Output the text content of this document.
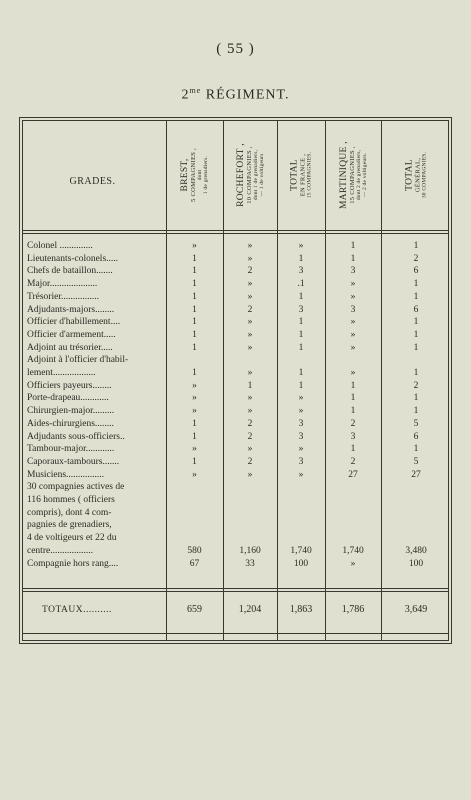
( 55 )
$2^{me}$ RÉGIMENT.
GRADES.	BREST, 5 COMPAGNIES , dont 1 de grenadiers.	ROCHEFORT , 10 COMPAGNIES , dont 1 de grenadiers, — 1 de voltigeurs	TOTAL EN FRANCE , 15 COMPAGNIES.	MARTINIQUE , 15 COMPAGNIES , dont 2 de grenadiers, — 2 de voltigeurs.	TOTAL GÉNÉRAL, 30 COMPAGNIES.
Colonel ..............	»	»	»	1	1
Lieutenants-colonels.....	1	»	1	1	2
Chefs de bataillon.......	1	2	3	3	6
Major....................	1	»	.1	»	1
Trésorier................	1	»	1	»	1
Adjudants-majors........	1	2	3	3	6
Officier d'habillement....	1	»	1	»	1
Officier d'armement.....	1	»	1	»	1
Adjoint au trésorier.....	1	»	1	»	1
Adjoint à l'officier d'habil-
lement..................	1	»	1	»	1
Officiers payeurs........	»	1	1	1	2
Porte-drapeau............	»	»	»	1	1
Chirurgien-major.........	»	»	»	1	1
Aides-chirurgiens........	1	2	3	2	5
Adjudants sous-officiers..	1	2	3	3	6
Tambour-major............	»	»	»	1	1
Caporaux-tambours.......	1	2	3	2	5
Musiciens................	»	»	»	27	27
30 compagnies actives de
116 hommes ( officiers
compris), dont 4 com-
pagnies de grenadiers,
4 de voltigeurs et 22 du
centre..................	580	1,160	1,740	1,740	3,480
Compagnie hors rang....	67	33	100	»	100
TOTAUX..........	659	1,204	1,863	1,786	3,649
